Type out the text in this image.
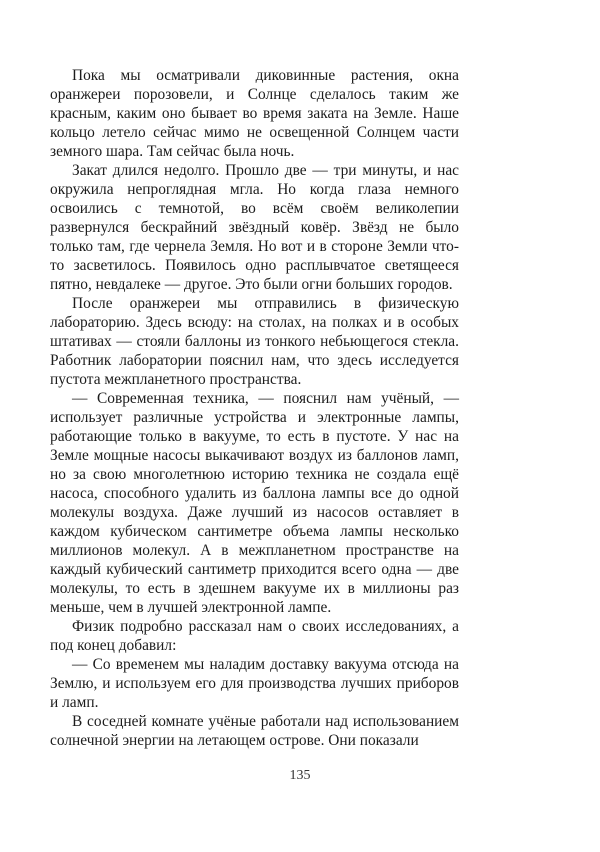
Пока мы осматривали диковинные растения, окна оранжереи порозовели, и Солнце сделалось таким же красным, каким оно бывает во время заката на Земле. Наше кольцо летело сейчас мимо не освещенной Солнцем части земного шара. Там сейчас была ночь.

Закат длился недолго. Прошло две — три минуты, и нас окружила непроглядная мгла. Но когда глаза немного освоились с темнотой, во всём своём великолепии развернулся бескрайний звёздный ковёр. Звёзд не было только там, где чернела Земля. Но вот и в стороне Земли что-то засветилось. Появилось одно расплывчатое светящееся пятно, невдалеке — другое. Это были огни больших городов.

После оранжереи мы отправились в физическую лабораторию. Здесь всюду: на столах, на полках и в особых штативах — стояли баллоны из тонкого небьющегося стекла. Работник лаборатории пояснил нам, что здесь исследуется пустота межпланетного пространства.

— Современная техника, — пояснил нам учёный, — использует различные устройства и электронные лампы, работающие только в вакууме, то есть в пустоте. У нас на Земле мощные насосы выкачивают воздух из баллонов ламп, но за свою многолетнюю историю техника не создала ещё насоса, способного удалить из баллона лампы все до одной молекулы воздуха. Даже лучший из насосов оставляет в каждом кубическом сантиметре объема лампы несколько миллионов молекул. А в межпланетном пространстве на каждый кубический сантиметр приходится всего одна — две молекулы, то есть в здешнем вакууме их в миллионы раз меньше, чем в лучшей электронной лампе.

Физик подробно рассказал нам о своих исследованиях, а под конец добавил:

— Со временем мы наладим доставку вакуума отсюда на Землю, и используем его для производства лучших приборов и ламп.

В соседней комнате учёные работали над использованием солнечной энергии на летающем острове. Они показали

135
